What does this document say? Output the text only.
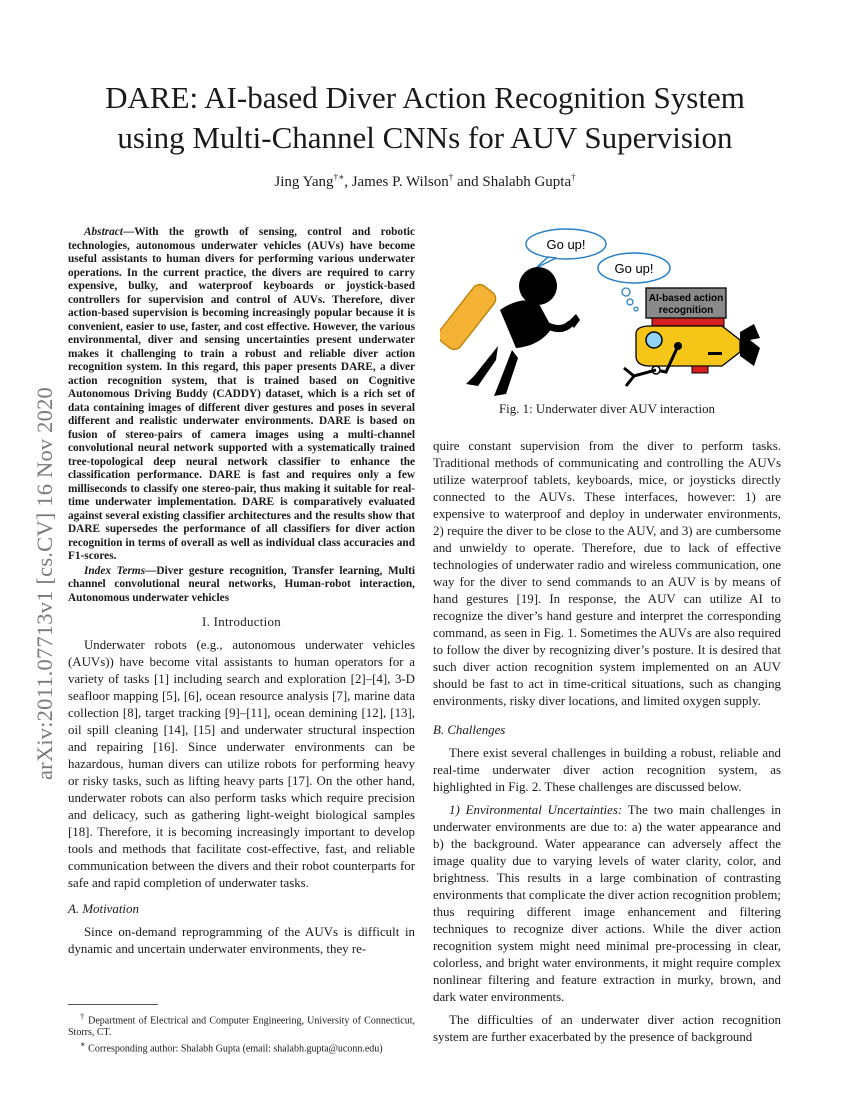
arXiv:2011.07713v1 [cs.CV] 16 Nov 2020
DARE: AI-based Diver Action Recognition System
using Multi-Channel CNNs for AUV Supervision
Jing Yang†∗, James P. Wilson† and Shalabh Gupta†

Abstract—With the growth of sensing, control and robotic technologies, autonomous underwater vehicles (AUVs) have become useful assistants to human divers for performing various underwater operations. In the current practice, the divers are required to carry expensive, bulky, and waterproof keyboards or joystick-based controllers for supervision and control of AUVs. Therefore, diver action-based supervision is becoming increasingly popular because it is convenient, easier to use, faster, and cost effective. However, the various environmental, diver and sensing uncertainties present underwater makes it challenging to train a robust and reliable diver action recognition system. In this regard, this paper presents DARE, a diver action recognition system, that is trained based on Cognitive Autonomous Driving Buddy (CADDY) dataset, which is a rich set of data containing images of different diver gestures and poses in several different and realistic underwater environments. DARE is based on fusion of stereo-pairs of camera images using a multi-channel convolutional neural network supported with a systematically trained tree-topological deep neural network classifier to enhance the classification performance. DARE is fast and requires only a few milliseconds to classify one stereo-pair, thus making it suitable for real-time underwater implementation. DARE is comparatively evaluated against several existing classifier architectures and the results show that DARE supersedes the performance of all classifiers for diver action recognition in terms of overall as well as individual class accuracies and F1-scores.

Index Terms—Diver gesture recognition, Transfer learning, Multi channel convolutional neural networks, Human-robot interaction, Autonomous underwater vehicles

I. Introduction

Underwater robots (e.g., autonomous underwater vehicles (AUVs)) have become vital assistants to human operators for a variety of tasks [1] including search and exploration [2]–[4], 3-D seafloor mapping [5], [6], ocean resource analysis [7], marine data collection [8], target tracking [9]–[11], ocean demining [12], [13], oil spill cleaning [14], [15] and underwater structural inspection and repairing [16]. Since underwater environments can be hazardous, human divers can utilize robots for performing heavy or risky tasks, such as lifting heavy parts [17]. On the other hand, underwater robots can also perform tasks which require precision and delicacy, such as gathering light-weight biological samples [18]. Therefore, it is becoming increasingly important to develop tools and methods that facilitate cost-effective, fast, and reliable communication between the divers and their robot counterparts for safe and rapid completion of underwater tasks.

A. Motivation

Since on-demand reprogramming of the AUVs is difficult in dynamic and uncertain underwater environments, they re-

† Department of Electrical and Computer Engineering, University of Connecticut, Storrs, CT.
∗ Corresponding author: Shalabh Gupta (email: shalabh.gupta@uconn.edu)
Go up!
Go up!
AI-based action
recognition
Fig. 1: Underwater diver AUV interaction

quire constant supervision from the diver to perform tasks. Traditional methods of communicating and controlling the AUVs utilize waterproof tablets, keyboards, mice, or joysticks directly connected to the AUVs. These interfaces, however: 1) are expensive to waterproof and deploy in underwater environments, 2) require the diver to be close to the AUV, and 3) are cumbersome and unwieldy to operate. Therefore, due to lack of effective technologies of underwater radio and wireless communication, one way for the diver to send commands to an AUV is by means of hand gestures [19]. In response, the AUV can utilize AI to recognize the diver’s hand gesture and interpret the corresponding command, as seen in Fig. 1. Sometimes the AUVs are also required to follow the diver by recognizing diver’s posture. It is desired that such diver action recognition system implemented on an AUV should be fast to act in time-critical situations, such as changing environments, risky diver locations, and limited oxygen supply.

B. Challenges

There exist several challenges in building a robust, reliable and real-time underwater diver action recognition system, as highlighted in Fig. 2. These challenges are discussed below.

1) Environmental Uncertainties: The two main challenges in underwater environments are due to: a) the water appearance and b) the background. Water appearance can adversely affect the image quality due to varying levels of water clarity, color, and brightness. This results in a large combination of contrasting environments that complicate the diver action recognition problem; thus requiring different image enhancement and filtering techniques to recognize diver actions. While the diver action recognition system might need minimal pre-processing in clear, colorless, and bright water environments, it might require complex nonlinear filtering and feature extraction in murky, brown, and dark water environments.

The difficulties of an underwater diver action recognition system are further exacerbated by the presence of background
